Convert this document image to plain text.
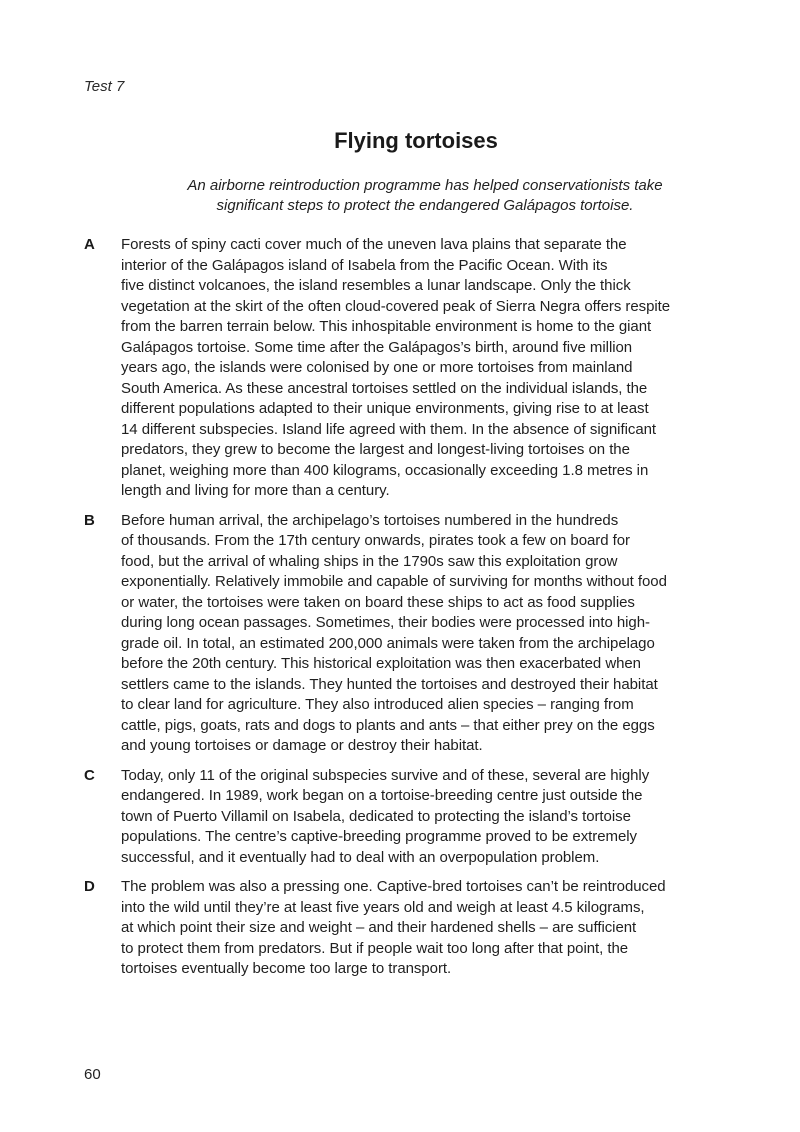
Test 7
Flying tortoises
An airborne reintroduction programme has helped conservationists take
significant steps to protect the endangered Galápagos tortoise.
A Forests of spiny cacti cover much of the uneven lava plains that separate the
interior of the Galápagos island of Isabela from the Pacific Ocean. With its
five distinct volcanoes, the island resembles a lunar landscape. Only the thick
vegetation at the skirt of the often cloud-covered peak of Sierra Negra offers respite
from the barren terrain below. This inhospitable environment is home to the giant
Galápagos tortoise. Some time after the Galápagos’s birth, around five million
years ago, the islands were colonised by one or more tortoises from mainland
South America. As these ancestral tortoises settled on the individual islands, the
different populations adapted to their unique environments, giving rise to at least
14 different subspecies. Island life agreed with them. In the absence of significant
predators, they grew to become the largest and longest-living tortoises on the
planet, weighing more than 400 kilograms, occasionally exceeding 1.8 metres in
length and living for more than a century.
B Before human arrival, the archipelago’s tortoises numbered in the hundreds
of thousands. From the 17th century onwards, pirates took a few on board for
food, but the arrival of whaling ships in the 1790s saw this exploitation grow
exponentially. Relatively immobile and capable of surviving for months without food
or water, the tortoises were taken on board these ships to act as food supplies
during long ocean passages. Sometimes, their bodies were processed into high-
grade oil. In total, an estimated 200,000 animals were taken from the archipelago
before the 20th century. This historical exploitation was then exacerbated when
settlers came to the islands. They hunted the tortoises and destroyed their habitat
to clear land for agriculture. They also introduced alien species – ranging from
cattle, pigs, goats, rats and dogs to plants and ants – that either prey on the eggs
and young tortoises or damage or destroy their habitat.
C Today, only 11 of the original subspecies survive and of these, several are highly
endangered. In 1989, work began on a tortoise-breeding centre just outside the
town of Puerto Villamil on Isabela, dedicated to protecting the island’s tortoise
populations. The centre’s captive-breeding programme proved to be extremely
successful, and it eventually had to deal with an overpopulation problem.
D The problem was also a pressing one. Captive-bred tortoises can’t be reintroduced
into the wild until they’re at least five years old and weigh at least 4.5 kilograms,
at which point their size and weight – and their hardened shells – are sufficient
to protect them from predators. But if people wait too long after that point, the
tortoises eventually become too large to transport.
60
